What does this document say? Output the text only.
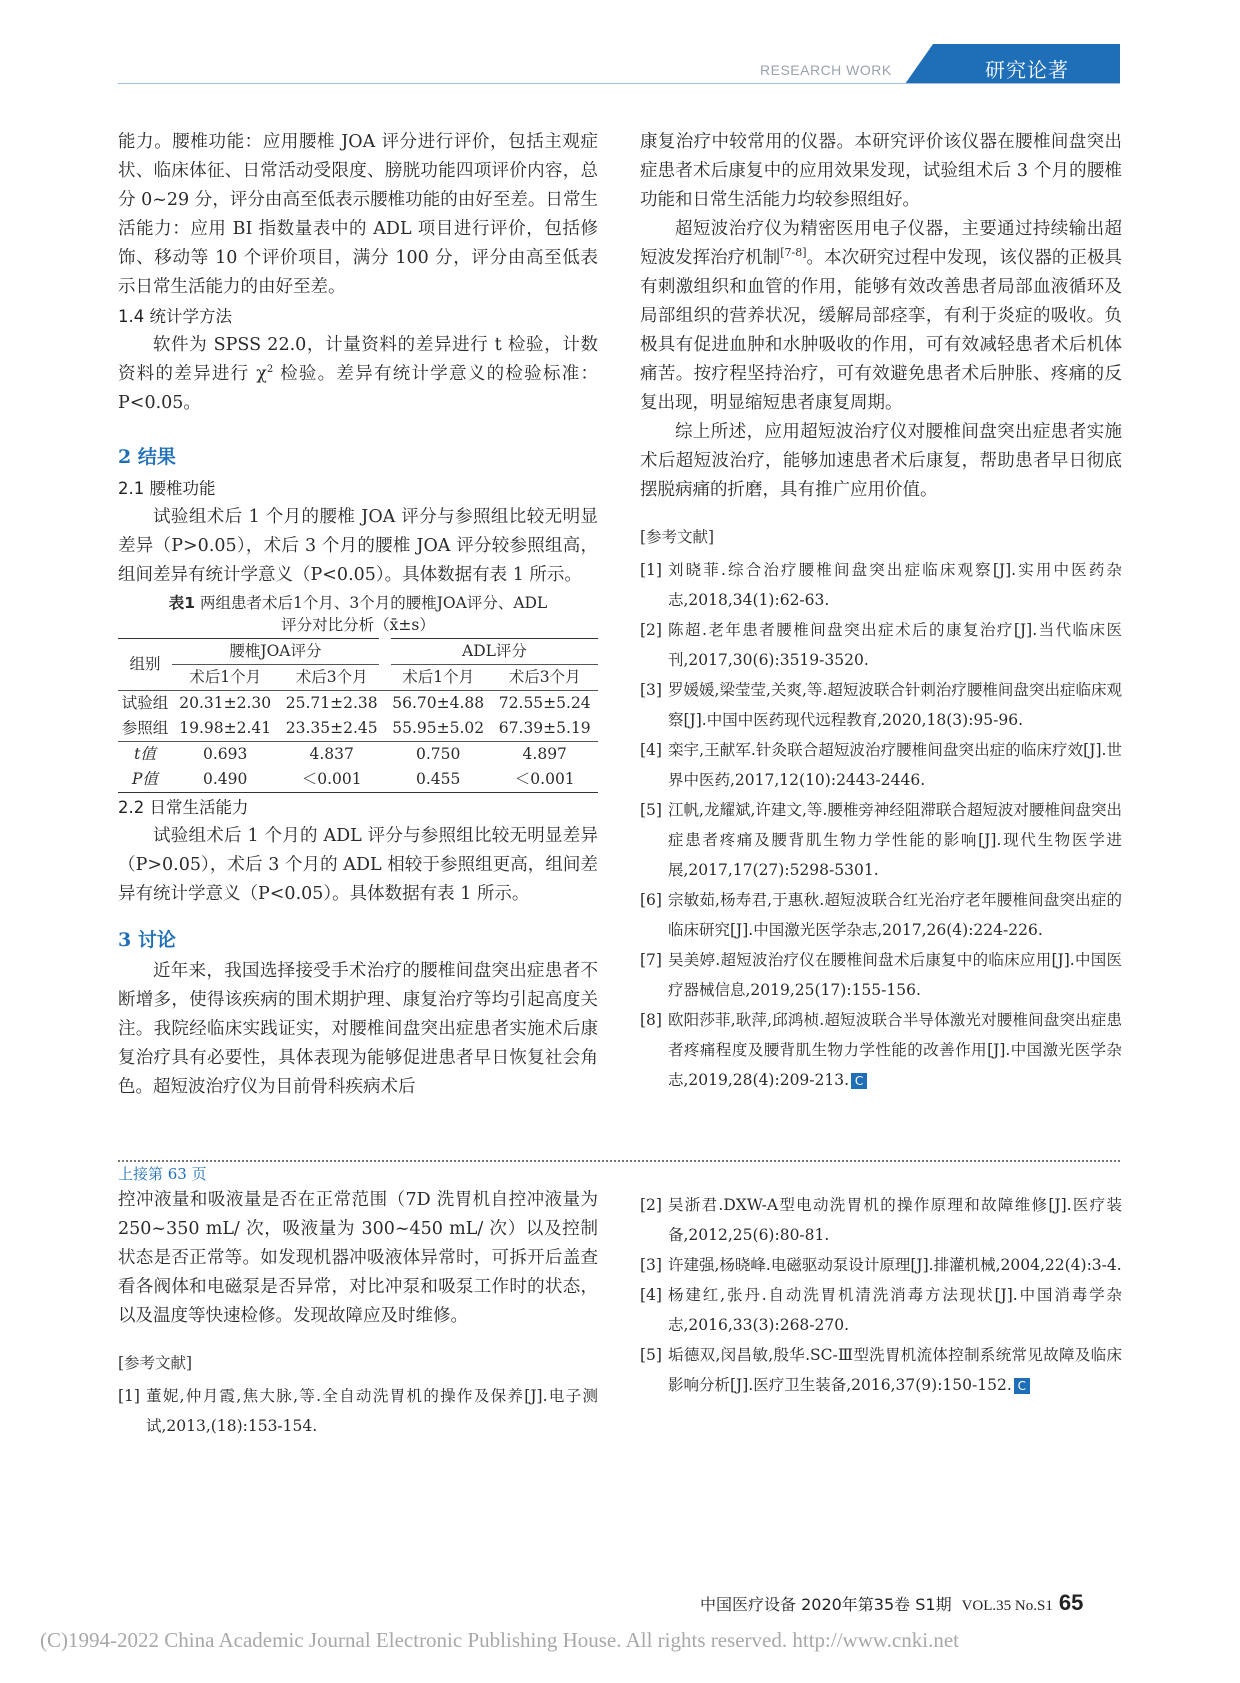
RESEARCH WORK	研究论著

能力。腰椎功能：应用腰椎 JOA 评分进行评价，包括主观症状、临床体征、日常活动受限度、膀胱功能四项评价内容，总分 0~29 分，评分由高至低表示腰椎功能的由好至差。日常生活能力：应用 BI 指数量表中的 ADL 项目进行评价，包括修饰、移动等 10 个评价项目，满分 100 分，评分由高至低表示日常生活能力的由好至差。

1.4 统计学方法

软件为 SPSS 22.0，计量资料的差异进行 t 检验，计数资料的差异进行 $\chi^2$ 检验。差异有统计学意义的检验标准：P<0.05。

2 结果

2.1 腰椎功能

试验组术后 1 个月的腰椎 JOA 评分与参照组比较无明显差异（P>0.05），术后 3 个月的腰椎 JOA 评分较参照组高，组间差异有统计学意义（P<0.05）。具体数据有表 1 所示。

表1 两组患者术后1个月、3个月的腰椎JOA评分、ADL

评分对比分析（x̄±s）

组别	腰椎JOA评分		ADL评分	
	术后1个月	术后3个月	术后1个月	术后3个月
试验组	20.31±2.30	25.71±2.38	56.70±4.88	72.55±5.24
参照组	19.98±2.41	23.35±2.45	55.95±5.02	67.39±5.19
t值	0.693	4.837	0.750	4.897
P值	0.490	＜0.001	0.455	＜0.001

2.2 日常生活能力

试验组术后 1 个月的 ADL 评分与参照组比较无明显差异（P>0.05），术后 3 个月的 ADL 相较于参照组更高，组间差异有统计学意义（P<0.05）。具体数据有表 1 所示。

3 讨论

近年来，我国选择接受手术治疗的腰椎间盘突出症患者不断增多，使得该疾病的围术期护理、康复治疗等均引起高度关注。我院经临床实践证实，对腰椎间盘突出症患者实施术后康复治疗具有必要性，具体表现为能够促进患者早日恢复社会角色。超短波治疗仪为目前骨科疾病术后

康复治疗中较常用的仪器。本研究评价该仪器在腰椎间盘突出症患者术后康复中的应用效果发现，试验组术后 3 个月的腰椎功能和日常生活能力均较参照组好。

超短波治疗仪为精密医用电子仪器，主要通过持续输出超短波发挥治疗机制[7-8]。本次研究过程中发现，该仪器的正极具有刺激组织和血管的作用，能够有效改善患者局部血液循环及局部组织的营养状况，缓解局部痉挛，有利于炎症的吸收。负极具有促进血肿和水肿吸收的作用，可有效减轻患者术后机体痛苦。按疗程坚持治疗，可有效避免患者术后肿胀、疼痛的反复出现，明显缩短患者康复周期。

综上所述，应用超短波治疗仪对腰椎间盘突出症患者实施术后超短波治疗，能够加速患者术后康复，帮助患者早日彻底摆脱病痛的折磨，具有推广应用价值。

[参考文献]

[1] 刘晓菲.综合治疗腰椎间盘突出症临床观察[J].实用中医药杂志,2018,34(1):62-63.
[2] 陈超.老年患者腰椎间盘突出症术后的康复治疗[J].当代临床医刊,2017,30(6):3519-3520.
[3] 罗媛媛,梁莹莹,关爽,等.超短波联合针刺治疗腰椎间盘突出症临床观察[J].中国中医药现代远程教育,2020,18(3):95-96.
[4] 栾宇,王献军.针灸联合超短波治疗腰椎间盘突出症的临床疗效[J].世界中医药,2017,12(10):2443-2446.
[5] 江帆,龙耀斌,许建文,等.腰椎旁神经阻滞联合超短波对腰椎间盘突出症患者疼痛及腰背肌生物力学性能的影响[J].现代生物医学进展,2017,17(27):5298-5301.
[6] 宗敏茹,杨寿君,于惠秋.超短波联合红光治疗老年腰椎间盘突出症的临床研究[J].中国激光医学杂志,2017,26(4):224-226.
[7] 吴美婷.超短波治疗仪在腰椎间盘术后康复中的临床应用[J].中国医疗器械信息,2019,25(17):155-156.
[8] 欧阳莎菲,耿萍,邱鸿桢.超短波联合半导体激光对腰椎间盘突出症患者疼痛程度及腰背肌生物力学性能的改善作用[J].中国激光医学杂志,2019,28(4):209-213. C
上接第 63 页

控冲液量和吸液量是否在正常范围（7D 洗胃机自控冲液量为 250~350 mL/ 次，吸液量为 300~450 mL/ 次）以及控制状态是否正常等。如发现机器冲吸液体异常时，可拆开后盖查看各阀体和电磁泵是否异常，对比冲泵和吸泵工作时的状态，以及温度等快速检修。发现故障应及时维修。

[参考文献]

[1] 董妮,仲月霞,焦大脉,等.全自动洗胃机的操作及保养[J].电子测试,2013,(18):153-154.
[2] 吴浙君.DXW-A型电动洗胃机的操作原理和故障维修[J].医疗装备,2012,25(6):80-81.
[3] 许建强,杨晓峰.电磁驱动泵设计原理[J].排灌机械,2004,22(4):3-4.
[4] 杨建红,张丹.自动洗胃机清洗消毒方法现状[J].中国消毒学杂志,2016,33(3):268-270.
[5] 垢德双,闵昌敏,殷华.SC-Ⅲ型洗胃机流体控制系统常见故障及临床影响分析[J].医疗卫生装备,2016,37(9):150-152. C
中国医疗设备 2020年第35卷 S1期 VOL.35 No.S1 65
(C)1994-2022 China Academic Journal Electronic Publishing House. All rights reserved. http://www.cnki.net
